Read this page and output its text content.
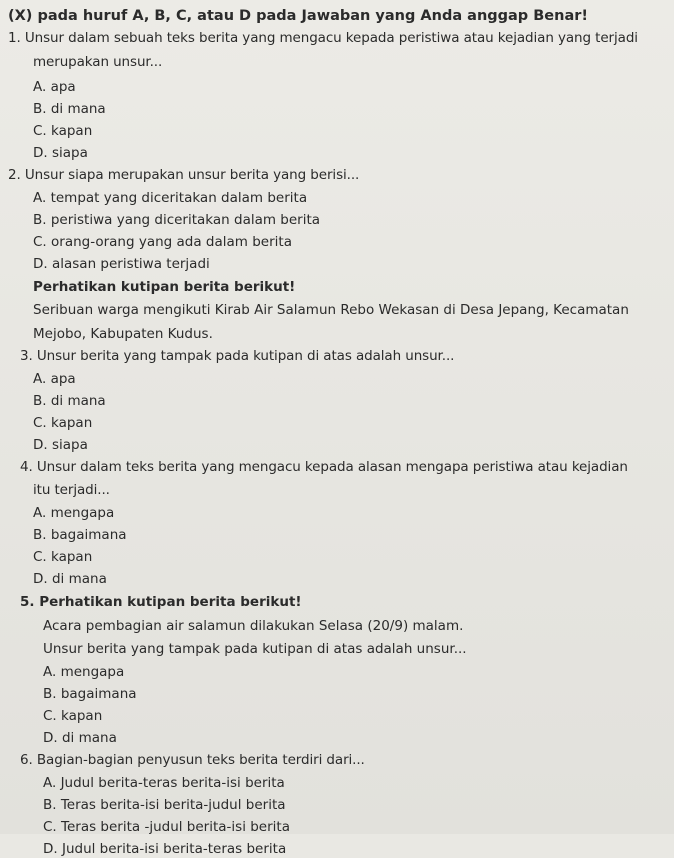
(X) pada huruf A, B, C, atau D pada Jawaban yang Anda anggap Benar!
1. Unsur dalam sebuah teks berita yang mengacu kepada peristiwa atau kejadian yang terjadi
merupakan unsur...
A. apa
B. di mana
C. kapan
D. siapa
2. Unsur siapa merupakan unsur berita yang berisi...
A. tempat yang diceritakan dalam berita
B. peristiwa yang diceritakan dalam berita
C. orang-orang yang ada dalam berita
D. alasan peristiwa terjadi
Perhatikan kutipan berita berikut!
Seribuan warga mengikuti Kirab Air Salamun Rebo Wekasan di Desa Jepang, Kecamatan
Mejobo, Kabupaten Kudus.
3. Unsur berita yang tampak pada kutipan di atas adalah unsur...
A. apa
B. di mana
C. kapan
D. siapa
4. Unsur dalam teks berita yang mengacu kepada alasan mengapa peristiwa atau kejadian
itu terjadi...
A. mengapa
B. bagaimana
C. kapan
D. di mana
5. Perhatikan kutipan berita berikut!
Acara pembagian air salamun dilakukan Selasa (20/9) malam.
Unsur berita yang tampak pada kutipan di atas adalah unsur...
A. mengapa
B. bagaimana
C. kapan
D. di mana
6. Bagian-bagian penyusun teks berita terdiri dari...
A. Judul berita-teras berita-isi berita
B. Teras berita-isi berita-judul berita
C. Teras berita -judul berita-isi berita
D. Judul berita-isi berita-teras berita
